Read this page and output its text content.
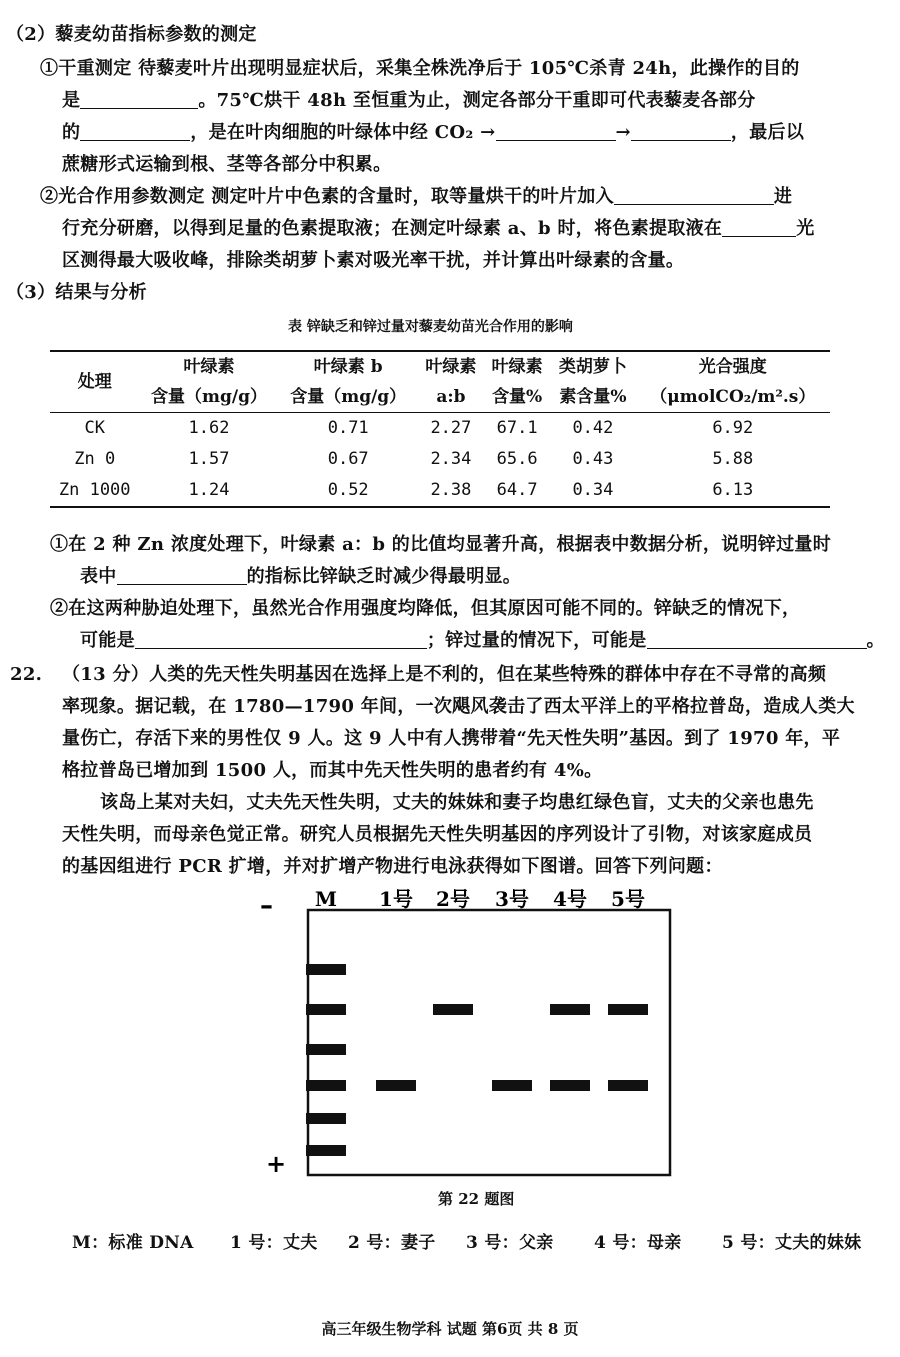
（2）藜麦幼苗指标参数的测定
①干重测定 待藜麦叶片出现明显症状后，采集全株洗净后于 105℃杀青 24h，此操作的目的
是	。75℃烘干 48h 至恒重为止，测定各部分干重即可代表藜麦各部分
的	，是在叶肉细胞的叶绿体中经 CO₂ →	→	，最后以
蔗糖形式运输到根、茎等各部分中积累。
②光合作用参数测定 测定叶片中色素的含量时，取等量烘干的叶片加入	进
行充分研磨，以得到足量的色素提取液；在测定叶绿素 a、b 时，将色素提取液在	光
区测得最大吸收峰，排除类胡萝卜素对吸光率干扰，并计算出叶绿素的含量。
（3）结果与分析
表 锌缺乏和锌过量对藜麦幼苗光合作用的影响
处理	叶绿素	叶绿素 b	叶绿素	叶绿素	类胡萝卜	光合强度
	含量（mg/g）	含量（mg/g）	a:b	含量%	素含量%	（μmolCO₂/m².s）
CK	1.62	0.71	2.27	67.1	0.42	6.92
Zn 0	1.57	0.67	2.34	65.6	0.43	5.88
Zn 1000	1.24	0.52	2.38	64.7	0.34	6.13
①在 2 种 Zn 浓度处理下，叶绿素 a：b 的比值均显著升高，根据表中数据分析，说明锌过量时
表中	的指标比锌缺乏时减少得最明显。
②在这两种胁迫处理下，虽然光合作用强度均降低，但其原因可能不同的。锌缺乏的情况下，
可能是	；锌过量的情况下，可能是	。
22. （13 分）人类的先天性失明基因在选择上是不利的，但在某些特殊的群体中存在不寻常的高频
率现象。据记载，在 1780—1790 年间，一次飓风袭击了西太平洋上的平格拉普岛，造成人类大
量伤亡，存活下来的男性仅 9 人。这 9 人中有人携带着“先天性失明”基因。到了 1970 年，平
格拉普岛已增加到 1500 人，而其中先天性失明的患者约有 4%。
该岛上某对夫妇，丈夫先天性失明，丈夫的妹妹和妻子均患红绿色盲，丈夫的父亲也患先
天性失明，而母亲色觉正常。研究人员根据先天性失明基因的序列设计了引物，对该家庭成员
的基因组进行 PCR 扩增，并对扩增产物进行电泳获得如下图谱。回答下列问题：
–
+
M 1号 2号 3号 4号 5号
第 22 题图
M：标准 DNA 1 号：丈夫 2 号：妻子 3 号：父亲 4 号：母亲 5 号：丈夫的妹妹
高三年级生物学科 试题 第6页 共 8 页
